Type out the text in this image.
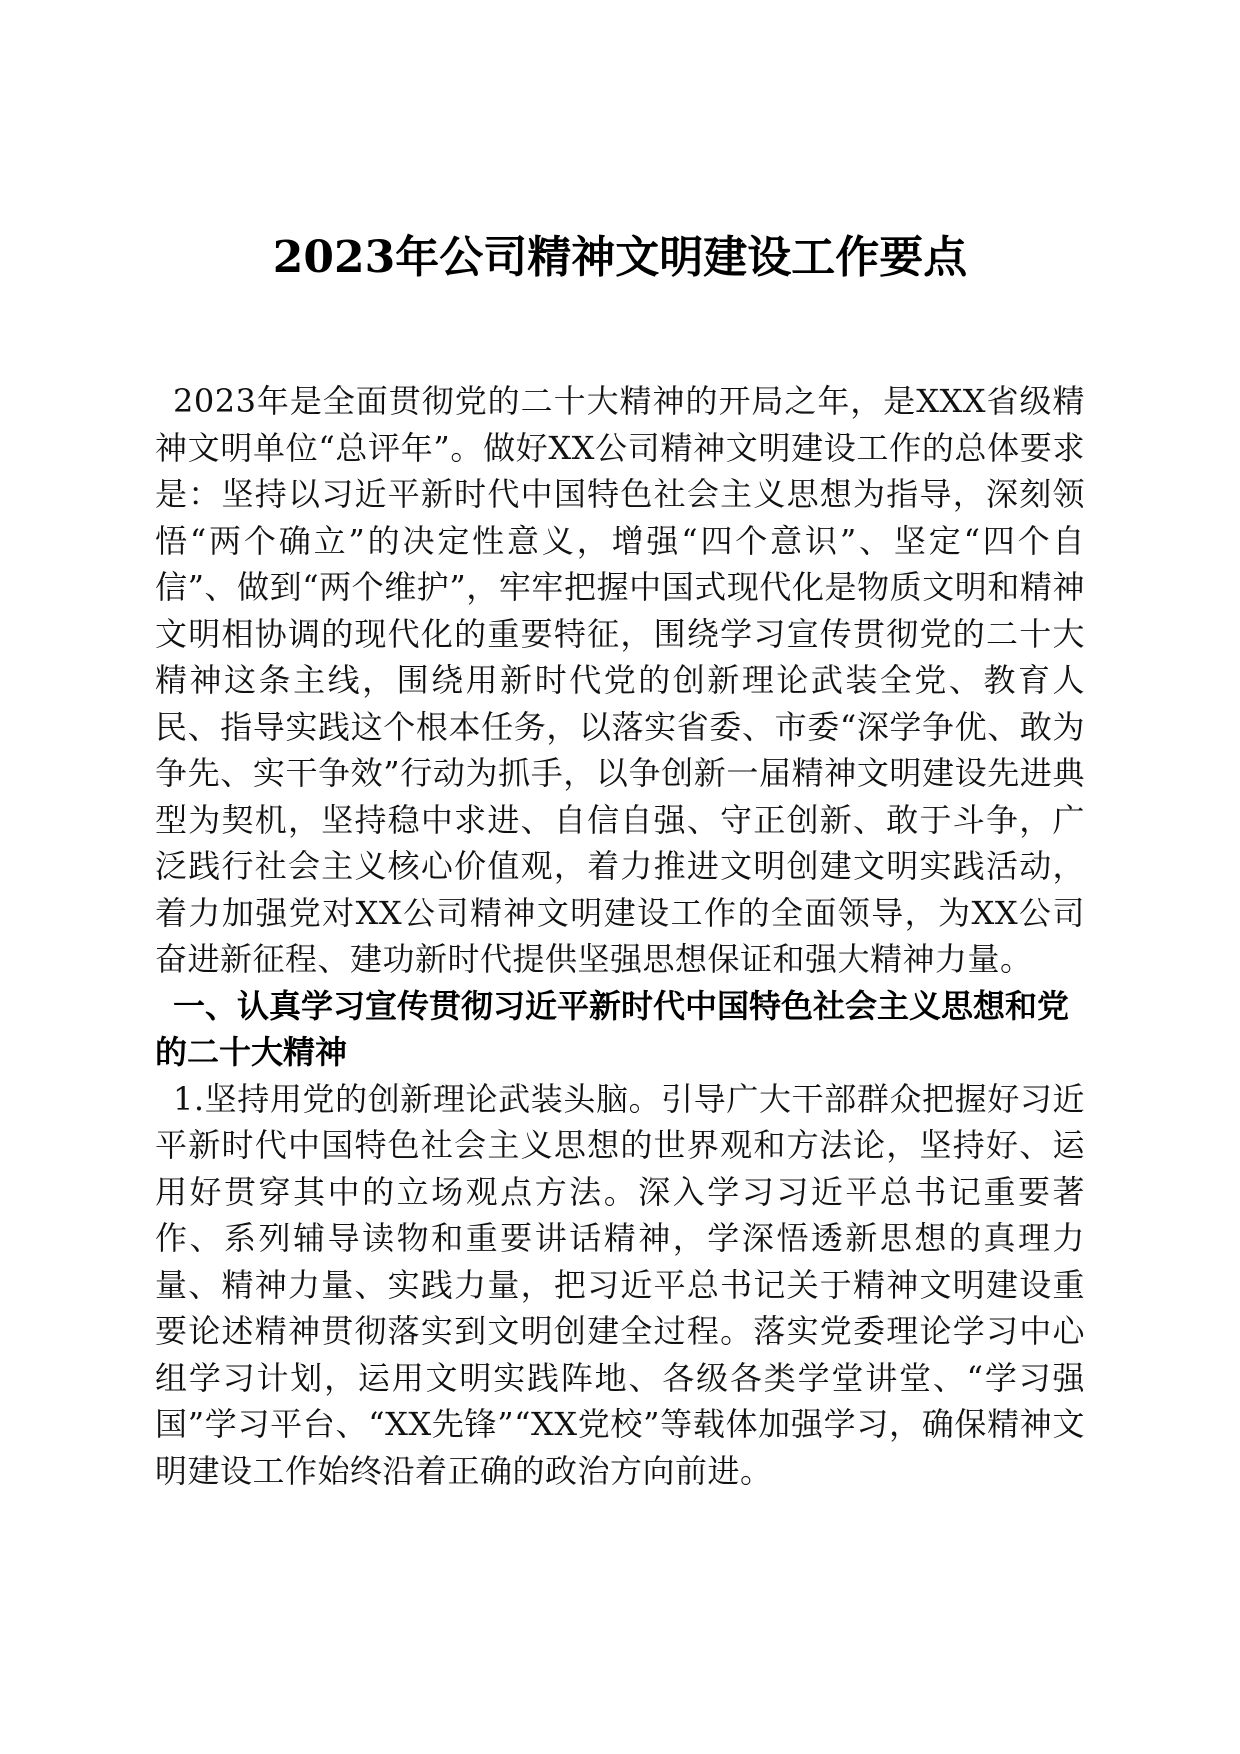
2023年公司精神文明建设工作要点

2023年是全面贯彻党的二十大精神的开局之年，是XXX省级精神文明单位“总评年”。做好XX公司精神文明建设工作的总体要求是：坚持以习近平新时代中国特色社会主义思想为指导，深刻领悟“两个确立”的决定性意义，增强“四个意识”、坚定“四个自信”、做到“两个维护”，牢牢把握中国式现代化是物质文明和精神文明相协调的现代化的重要特征，围绕学习宣传贯彻党的二十大精神这条主线，围绕用新时代党的创新理论武装全党、教育人民、指导实践这个根本任务，以落实省委、市委“深学争优、敢为争先、实干争效”行动为抓手，以争创新一届精神文明建设先进典型为契机，坚持稳中求进、自信自强、守正创新、敢于斗争，广泛践行社会主义核心价值观，着力推进文明创建文明实践活动，着力加强党对XX公司精神文明建设工作的全面领导，为XX公司奋进新征程、建功新时代提供坚强思想保证和强大精神力量。

一、认真学习宣传贯彻习近平新时代中国特色社会主义思想和党的二十大精神

1.坚持用党的创新理论武装头脑。引导广大干部群众把握好习近平新时代中国特色社会主义思想的世界观和方法论，坚持好、运用好贯穿其中的立场观点方法。深入学习习近平总书记重要著作、系列辅导读物和重要讲话精神，学深悟透新思想的真理力量、精神力量、实践力量，把习近平总书记关于精神文明建设重要论述精神贯彻落实到文明创建全过程。落实党委理论学习中心组学习计划，运用文明实践阵地、各级各类学堂讲堂、“学习强国”学习平台、“XX先锋”“XX党校”等载体加强学习，确保精神文明建设工作始终沿着正确的政治方向前进。
